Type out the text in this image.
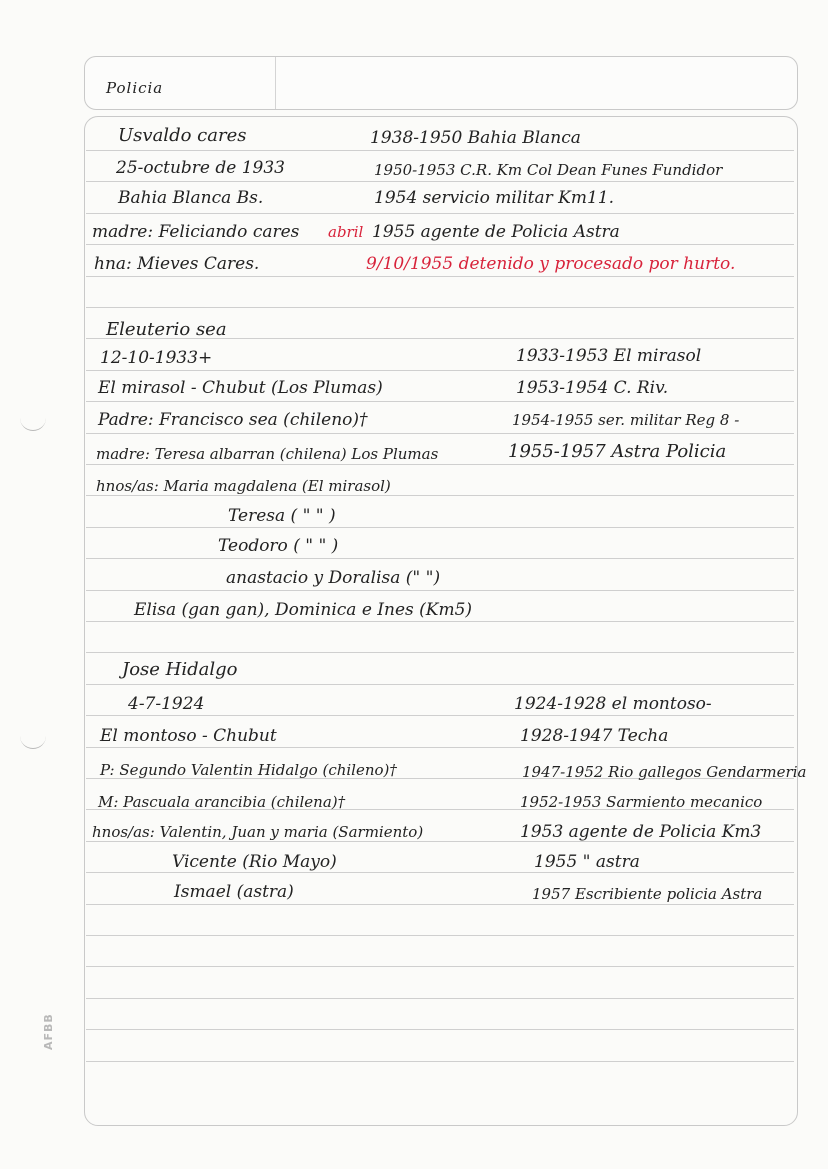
Policia
AFBB
Usvaldo cares
25-octubre de 1933
Bahia Blanca Bs.
madre: Feliciando cares
hna: Mieves Cares.
1938-1950 Bahia Blanca
1950-1953 C.R. Km Col Dean Funes Fundidor
1954 servicio militar Km11.
abril 1955 agente de Policia Astra
9/10/1955 detenido y procesado por hurto.
Eleuterio sea
12-10-1933+
El mirasol - Chubut (Los Plumas)
Padre: Francisco sea (chileno)†
madre: Teresa albarran (chilena) Los Plumas
hnos/as: Maria magdalena (El mirasol)
Teresa ( " " )
Teodoro ( " " )
anastacio y Doralisa (" ")
Elisa (gan gan), Dominica e Ines (Km5)
1933-1953 El mirasol
1953-1954 C. Riv.
1954-1955 ser. militar Reg 8 -
1955-1957 Astra Policia
Jose Hidalgo
4-7-1924
El montoso - Chubut
P: Segundo Valentin Hidalgo (chileno)†
M: Pascuala arancibia (chilena)†
hnos/as: Valentin, Juan y maria (Sarmiento)
Vicente (Rio Mayo)
Ismael (astra)
1924-1928 el montoso-
1928-1947 Techa
1947-1952 Rio gallegos Gendarmeria
1952-1953 Sarmiento mecanico
1953 agente de Policia Km3
1955 " astra
1957 Escribiente policia Astra
